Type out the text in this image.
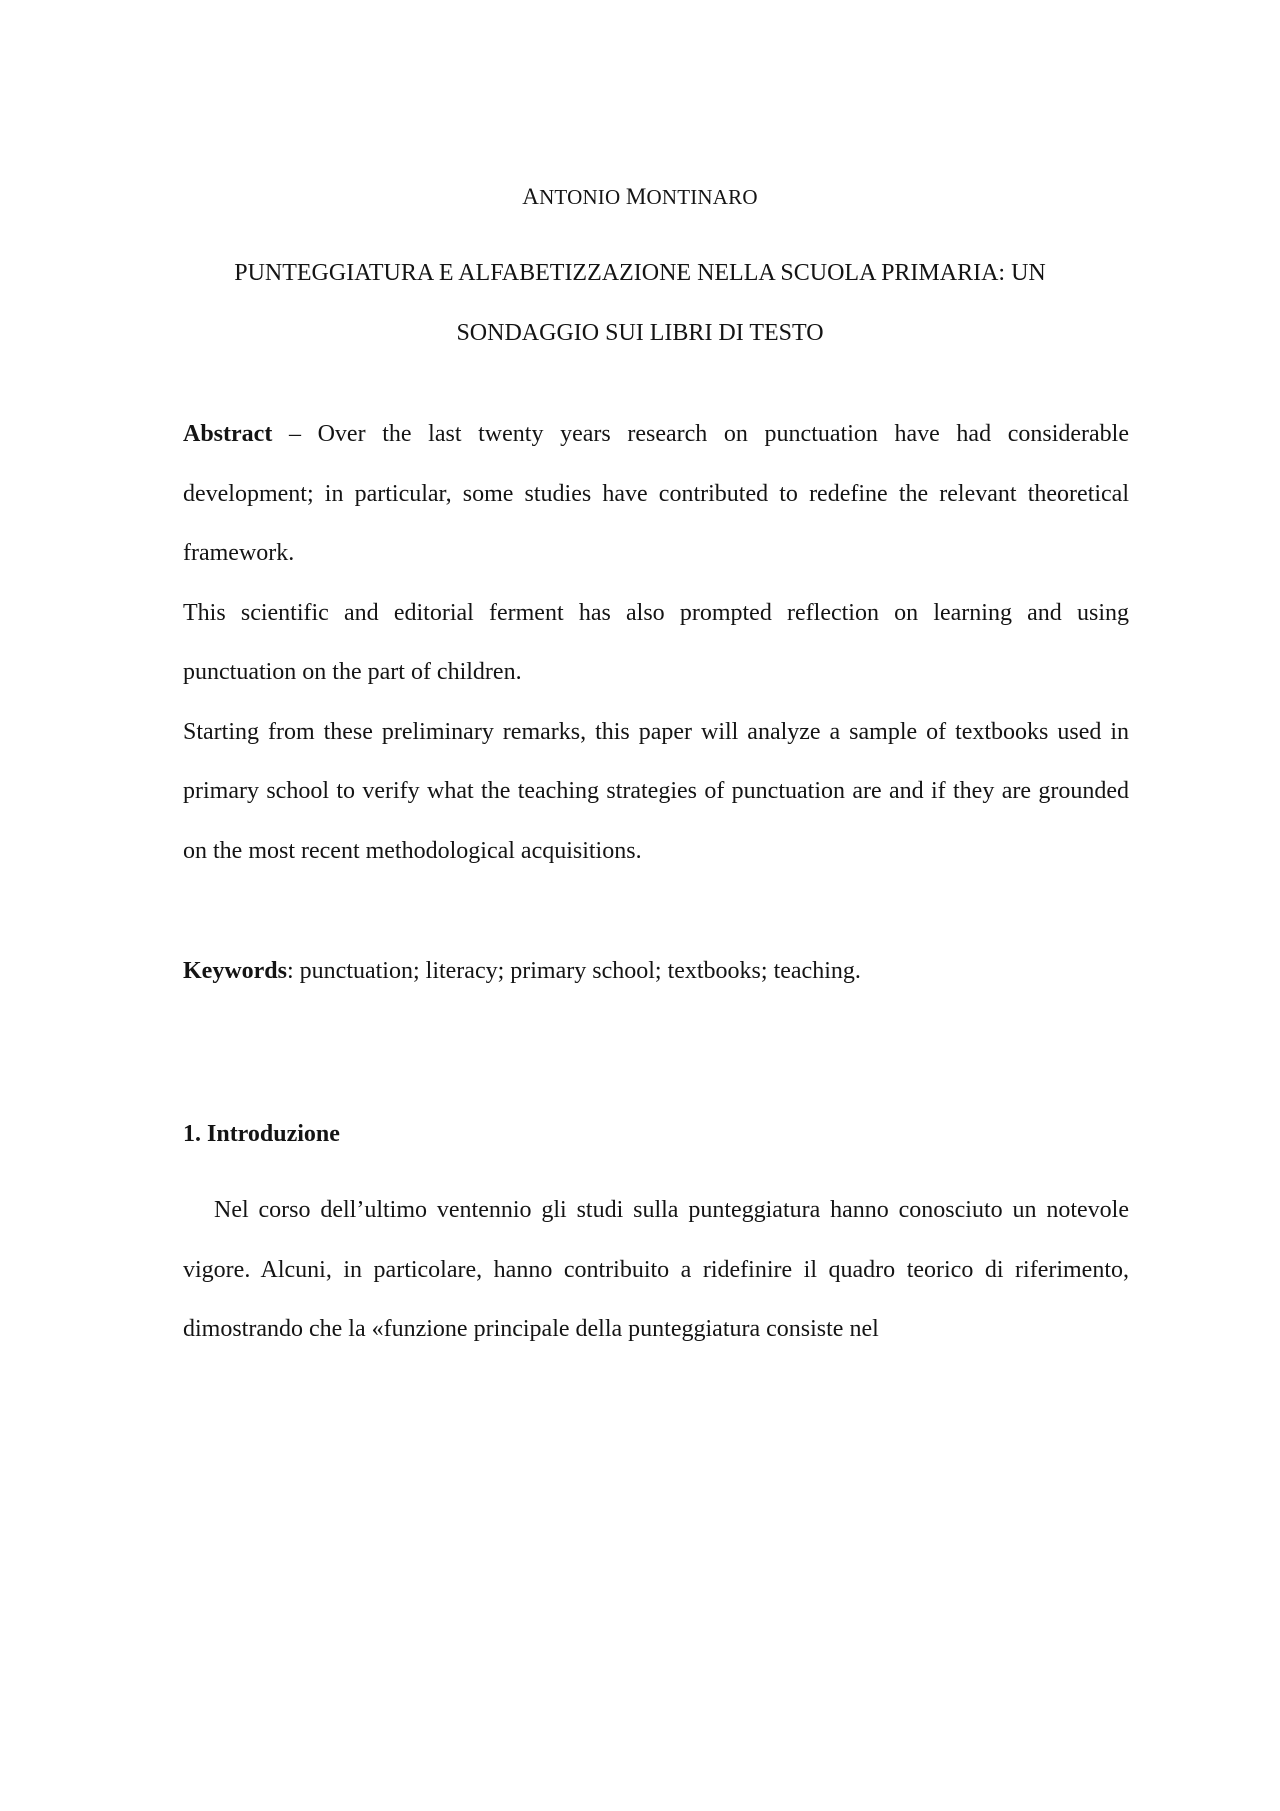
ANTONIO MONTINARO
PUNTEGGIATURA E ALFABETIZZAZIONE NELLA SCUOLA PRIMARIA: UN SONDAGGIO SUI LIBRI DI TESTO

Abstract – Over the last twenty years research on punctuation have had considerable development; in particular, some studies have contributed to redefine the relevant theoretical framework.

This scientific and editorial ferment has also prompted reflection on learning and using punctuation on the part of children.

Starting from these preliminary remarks, this paper will analyze a sample of textbooks used in primary school to verify what the teaching strategies of punctuation are and if they are grounded on the most recent methodological acquisitions.

Keywords: punctuation; literacy; primary school; textbooks; teaching.

1. Introduzione

Nel corso dell’ultimo ventennio gli studi sulla punteggiatura hanno conosciuto un notevole vigore. Alcuni, in particolare, hanno contribuito a ridefinire il quadro teorico di riferimento, dimostrando che la «funzione principale della punteggiatura consiste nel
